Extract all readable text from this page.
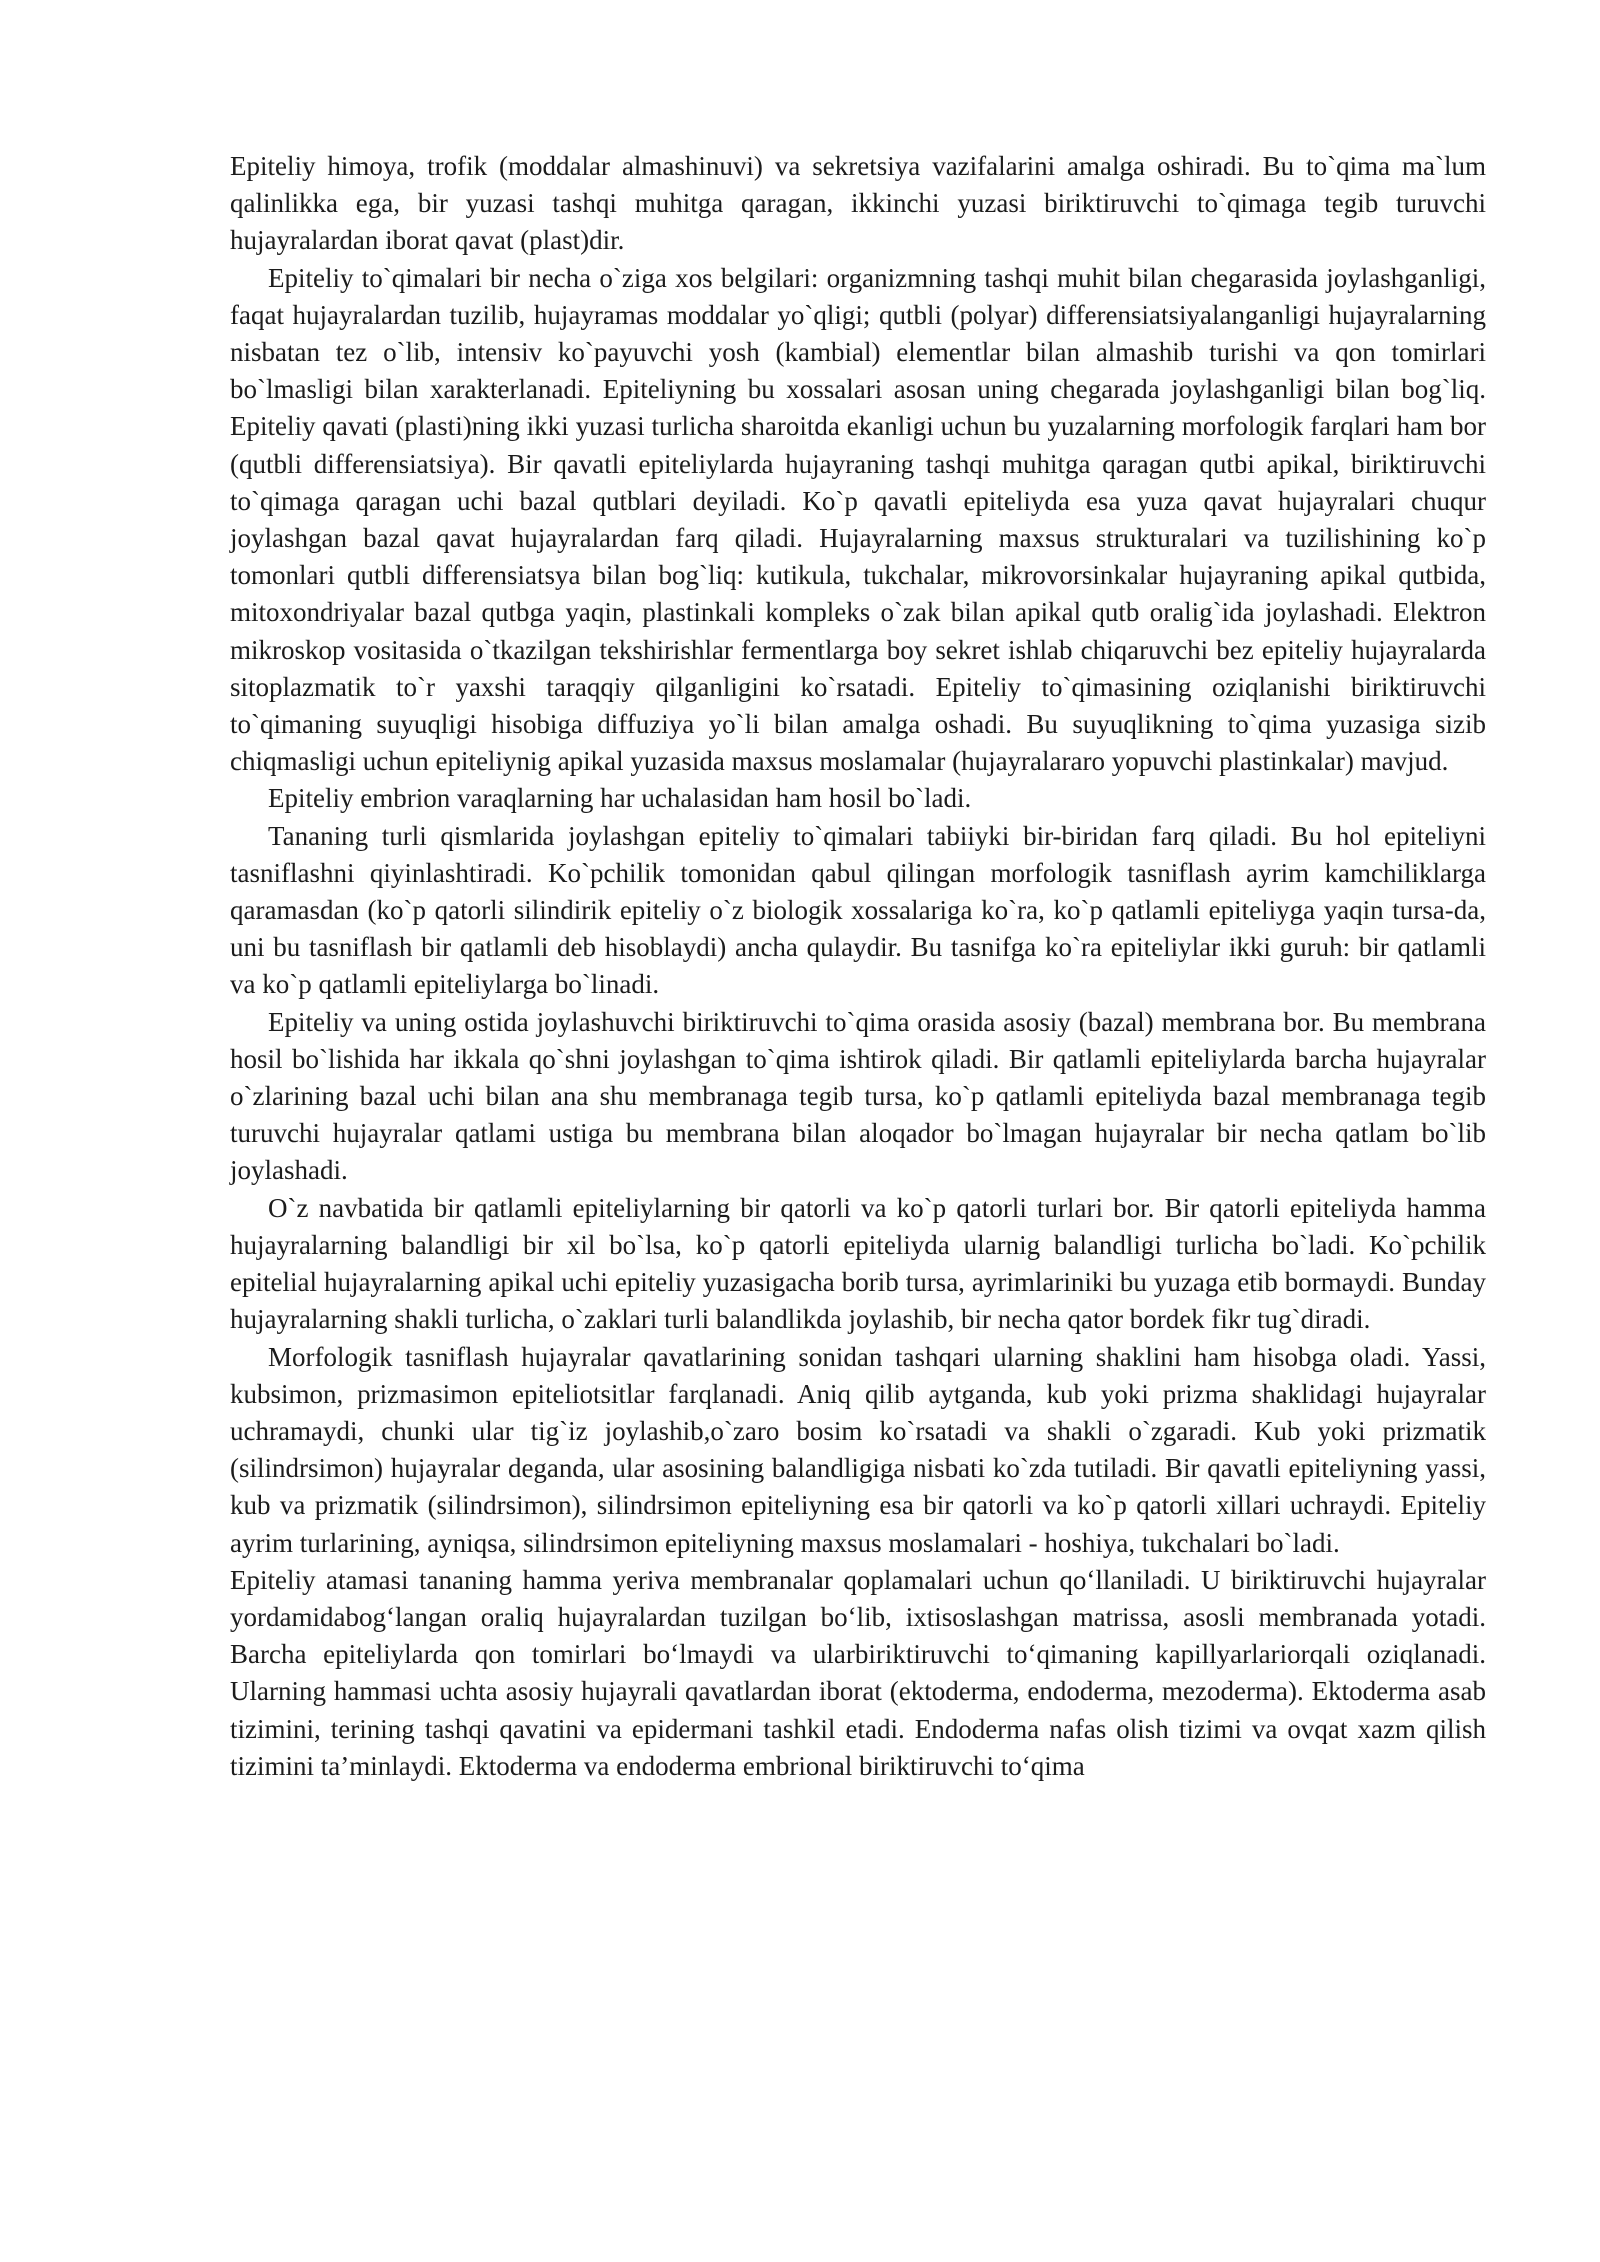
Epiteliy himoya, trofik (moddalar almashinuvi) va sekretsiya vazifalarini amalga oshiradi. Bu to`qima ma`lum qalinlikka ega, bir yuzasi tashqi muhitga qaragan, ikkinchi yuzasi biriktiruvchi to`qimaga tegib turuvchi hujayralardan iborat qavat (plast)dir.

Epiteliy to`qimalari bir necha o`ziga xos belgilari: organizmning tashqi muhit bilan chegarasida joylashganligi, faqat hujayralardan tuzilib, hujayramas moddalar yo`qligi; qutbli (polyar) differensiatsiyalanganligi hujayralarning nisbatan tez o`lib, intensiv ko`payuvchi yosh (kambial) elementlar bilan almashib turishi va qon tomirlari bo`lmasligi bilan xarakterlanadi. Epiteliyning bu xossalari asosan uning chegarada joylashganligi bilan bog`liq. Epiteliy qavati (plasti)ning ikki yuzasi turlicha sharoitda ekanligi uchun bu yuzalarning morfologik farqlari ham bor (qutbli differensiatsiya). Bir qavatli epiteliylarda hujayraning tashqi muhitga qaragan qutbi apikal, biriktiruvchi to`qimaga qaragan uchi bazal qutblari deyiladi. Ko`p qavatli epiteliyda esa yuza qavat hujayralari chuqur joylashgan bazal qavat hujayralardan farq qiladi. Hujayralarning maxsus strukturalari va tuzilishining ko`p tomonlari qutbli differensiatsya bilan bog`liq: kutikula, tukchalar, mikrovorsinkalar hujayraning apikal qutbida, mitoxondriyalar bazal qutbga yaqin, plastinkali kompleks o`zak bilan apikal qutb oralig`ida joylashadi. Elektron mikroskop vositasida o`tkazilgan tekshirishlar fermentlarga boy sekret ishlab chiqaruvchi bez epiteliy hujayralarda sitoplazmatik to`r yaxshi taraqqiy qilganligini ko`rsatadi. Epiteliy to`qimasining oziqlanishi biriktiruvchi to`qimaning suyuqligi hisobiga diffuziya yo`li bilan amalga oshadi. Bu suyuqlikning to`qima yuzasiga sizib chiqmasligi uchun epiteliynig apikal yuzasida maxsus moslamalar (hujayralararo yopuvchi plastinkalar) mavjud.

Epiteliy embrion varaqlarning har uchalasidan ham hosil bo`ladi.

Tananing turli qismlarida joylashgan epiteliy to`qimalari tabiiyki bir-biridan farq qiladi. Bu hol epiteliyni tasniflashni qiyinlashtiradi. Ko`pchilik tomonidan qabul qilingan morfologik tasniflash ayrim kamchiliklarga qaramasdan (ko`p qatorli silindirik epiteliy o`z biologik xossalariga ko`ra, ko`p qatlamli epiteliyga yaqin tursa-da, uni bu tasniflash bir qatlamli deb hisoblaydi) ancha qulaydir. Bu tasnifga ko`ra epiteliylar ikki guruh: bir qatlamli va ko`p qatlamli epiteliylarga bo`linadi.

Epiteliy va uning ostida joylashuvchi biriktiruvchi to`qima orasida asosiy (bazal) membrana bor. Bu membrana hosil bo`lishida har ikkala qo`shni joylashgan to`qima ishtirok qiladi. Bir qatlamli epiteliylarda barcha hujayralar o`zlarining bazal uchi bilan ana shu membranaga tegib tursa, ko`p qatlamli epiteliyda bazal membranaga tegib turuvchi hujayralar qatlami ustiga bu membrana bilan aloqador bo`lmagan hujayralar bir necha qatlam bo`lib joylashadi.

O`z navbatida bir qatlamli epiteliylarning bir qatorli va ko`p qatorli turlari bor. Bir qatorli epiteliyda hamma hujayralarning balandligi bir xil bo`lsa, ko`p qatorli epiteliyda ularnig balandligi turlicha bo`ladi. Ko`pchilik epitelial hujayralarning apikal uchi epiteliy yuzasigacha borib tursa, ayrimlariniki bu yuzaga etib bormaydi. Bunday hujayralarning shakli turlicha, o`zaklari turli balandlikda joylashib, bir necha qator bordek fikr tug`diradi.

Morfologik tasniflash hujayralar qavatlarining sonidan tashqari ularning shaklini ham hisobga oladi. Yassi, kubsimon, prizmasimon epiteliotsitlar farqlanadi. Aniq qilib aytganda, kub yoki prizma shaklidagi hujayralar uchramaydi, chunki ular tig`iz joylashib,o`zaro bosim ko`rsatadi va shakli o`zgaradi. Kub yoki prizmatik (silindrsimon) hujayralar deganda, ular asosining balandligiga nisbati ko`zda tutiladi. Bir qavatli epiteliyning yassi, kub va prizmatik (silindrsimon), silindrsimon epiteliyning esa bir qatorli va ko`p qatorli xillari uchraydi. Epiteliy ayrim turlarining, ayniqsa, silindrsimon epiteliyning maxsus moslamalari - hoshiya, tukchalari bo`ladi.

Epiteliy atamasi tananing hamma yeriva membranalar qoplamalari uchun qo‘llaniladi. U biriktiruvchi hujayralar yordamidabog‘langan oraliq hujayralardan tuzilgan bo‘lib, ixtisoslashgan matrissa, asosli membranada yotadi. Barcha epiteliylarda qon tomirlari bo‘lmaydi va ularbiriktiruvchi to‘qimaning kapillyarlariorqali oziqlanadi. Ularning hammasi uchta asosiy hujayrali qavatlardan iborat (ektoderma, endoderma, mezoderma). Ektoderma asab tizimini, terining tashqi qavatini va epidermani tashkil etadi. Endoderma nafas olish tizimi va ovqat xazm qilish tizimini ta’minlaydi. Ektoderma va endoderma embrional biriktiruvchi to‘qima
